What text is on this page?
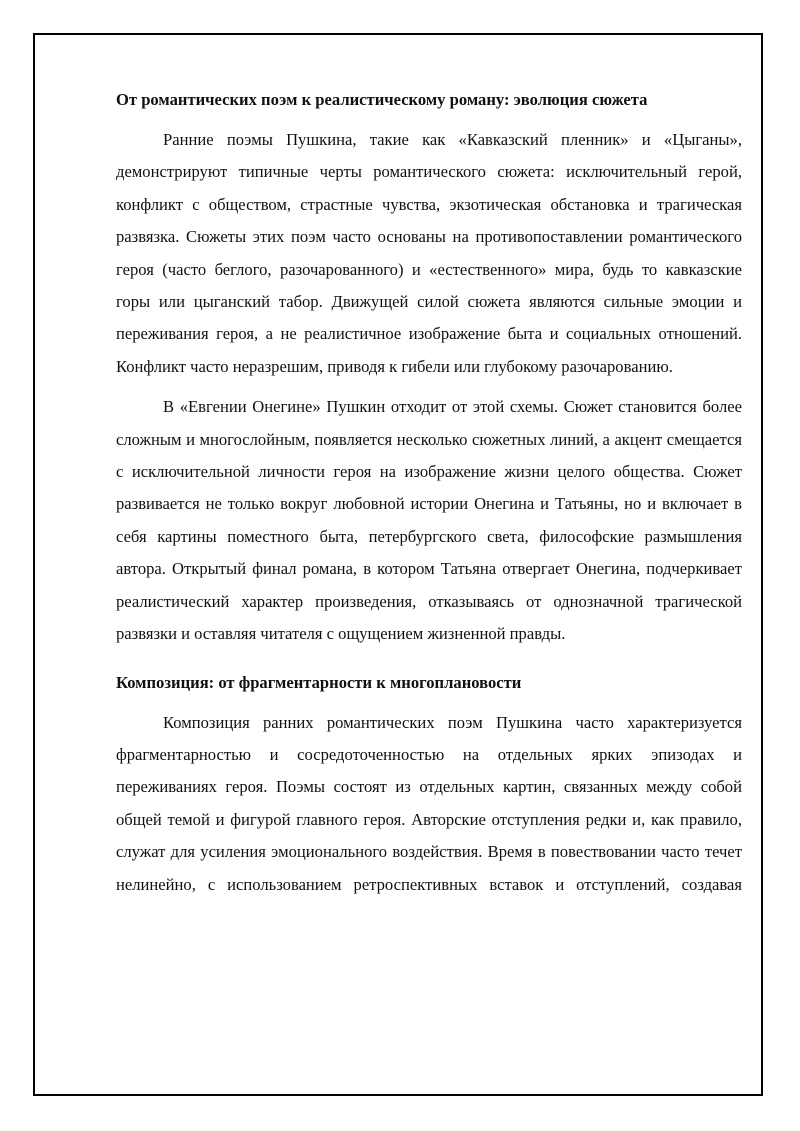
От романтических поэм к реалистическому роману: эволюция сюжета

Ранние поэмы Пушкина, такие как «Кавказский пленник» и «Цыганы», демонстрируют типичные черты романтического сюжета: исключительный герой, конфликт с обществом, страстные чувства, экзотическая обстановка и трагическая развязка. Сюжеты этих поэм часто основаны на противопоставлении романтического героя (часто беглого, разочарованного) и «естественного» мира, будь то кавказские горы или цыганский табор. Движущей силой сюжета являются сильные эмоции и переживания героя, а не реалистичное изображение быта и социальных отношений. Конфликт часто неразрешим, приводя к гибели или глубокому разочарованию.

В «Евгении Онегине» Пушкин отходит от этой схемы. Сюжет становится более сложным и многослойным, появляется несколько сюжетных линий, а акцент смещается с исключительной личности героя на изображение жизни целого общества. Сюжет развивается не только вокруг любовной истории Онегина и Татьяны, но и включает в себя картины поместного быта, петербургского света, философские размышления автора. Открытый финал романа, в котором Татьяна отвергает Онегина, подчеркивает реалистический характер произведения, отказываясь от однозначной трагической развязки и оставляя читателя с ощущением жизненной правды.

Композиция: от фрагментарности к многоплановости

Композиция ранних романтических поэм Пушкина часто характеризуется фрагментарностью и сосредоточенностью на отдельных ярких эпизодах и переживаниях героя. Поэмы состоят из отдельных картин, связанных между собой общей темой и фигурой главного героя. Авторские отступления редки и, как правило, служат для усиления эмоционального воздействия. Время в повествовании часто течет нелинейно, с использованием ретроспективных вставок и отступлений, создавая
